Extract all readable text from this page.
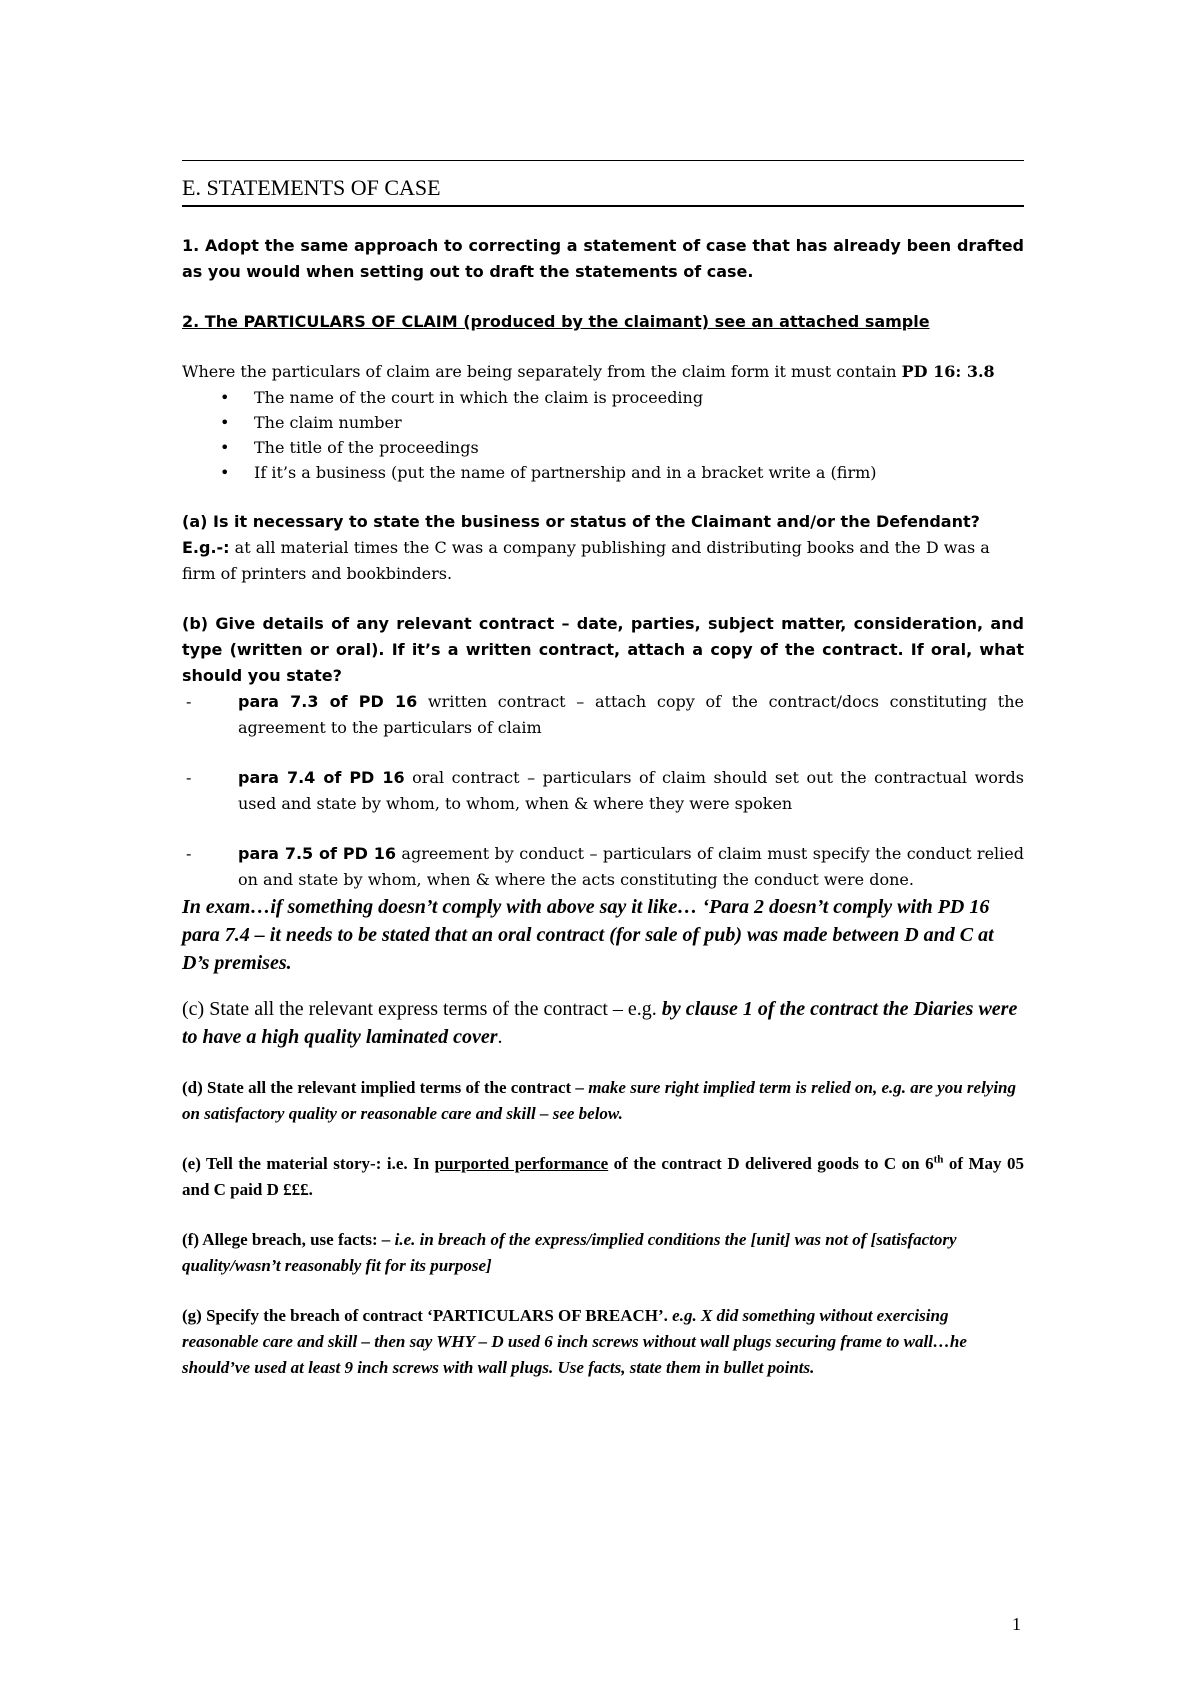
E. STATEMENTS OF CASE

1. Adopt the same approach to correcting a statement of case that has already been drafted as you would when setting out to draft the statements of case.

2. The PARTICULARS OF CLAIM (produced by the claimant) see an attached sample

Where the particulars of claim are being separately from the claim form it must contain PD 16: 3.8

• The name of the court in which the claim is proceeding
• The claim number
• The title of the proceedings
• If it’s a business (put the name of partnership and in a bracket write a (firm)

(a) Is it necessary to state the business or status of the Claimant and/or the Defendant?

E.g.-: at all material times the C was a company publishing and distributing books and the D was a firm of printers and bookbinders.

(b) Give details of any relevant contract – date, parties, subject matter, consideration, and type (written or oral). If it’s a written contract, attach a copy of the contract. If oral, what should you state?

-	para 7.3 of PD 16 written contract – attach copy of the contract/docs constituting the agreement to the particulars of claim
-	para 7.4 of PD 16 oral contract – particulars of claim should set out the contractual words used and state by whom, to whom, when & where they were spoken
-	para 7.5 of PD 16 agreement by conduct – particulars of claim must specify the conduct relied on and state by whom, when & where the acts constituting the conduct were done.

In exam…if something doesn’t comply with above say it like… ‘Para 2 doesn’t comply with PD 16 para 7.4 – it needs to be stated that an oral contract (for sale of pub) was made between D and C at D’s premises.

(c) State all the relevant express terms of the contract – e.g. by clause 1 of the contract the Diaries were to have a high quality laminated cover.

(d) State all the relevant implied terms of the contract – make sure right implied term is relied on, e.g. are you relying on satisfactory quality or reasonable care and skill – see below.

(e) Tell the material story-: i.e. In purported performance of the contract D delivered goods to C on 6th of May 05 and C paid D £££.

(f) Allege breach, use facts: – i.e. in breach of the express/implied conditions the [unit] was not of [satisfactory quality/wasn’t reasonably fit for its purpose]

(g) Specify the breach of contract ‘PARTICULARS OF BREACH’. e.g. X did something without exercising reasonable care and skill – then say WHY – D used 6 inch screws without wall plugs securing frame to wall…he should’ve used at least 9 inch screws with wall plugs. Use facts, state them in bullet points.

1
